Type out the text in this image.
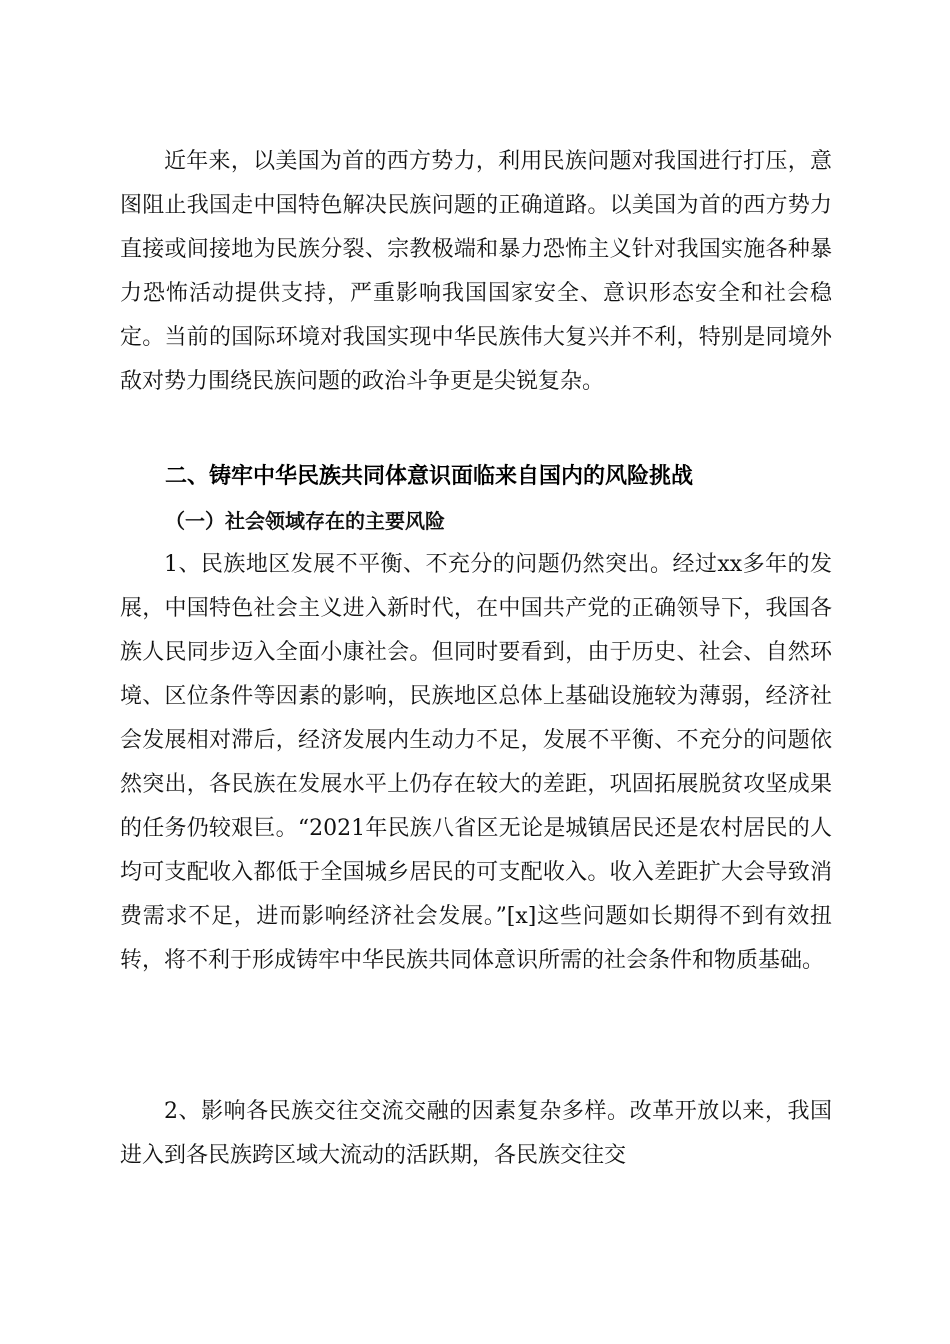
近年来，以美国为首的西方势力，利用民族问题对我国进行打压，意图阻止我国走中国特色解决民族问题的正确道路。以美国为首的西方势力直接或间接地为民族分裂、宗教极端和暴力恐怖主义针对我国实施各种暴力恐怖活动提供支持，严重影响我国国家安全、意识形态安全和社会稳定。当前的国际环境对我国实现中华民族伟大复兴并不利，特别是同境外敌对势力围绕民族问题的政治斗争更是尖锐复杂。

二、铸牢中华民族共同体意识面临来自国内的风险挑战

（一）社会领域存在的主要风险

1、民族地区发展不平衡、不充分的问题仍然突出。经过xx多年的发展，中国特色社会主义进入新时代，在中国共产党的正确领导下，我国各族人民同步迈入全面小康社会。但同时要看到，由于历史、社会、自然环境、区位条件等因素的影响，民族地区总体上基础设施较为薄弱，经济社会发展相对滞后，经济发展内生动力不足，发展不平衡、不充分的问题依然突出，各民族在发展水平上仍存在较大的差距，巩固拓展脱贫攻坚成果的任务仍较艰巨。“2021年民族八省区无论是城镇居民还是农村居民的人均可支配收入都低于全国城乡居民的可支配收入。收入差距扩大会导致消费需求不足，进而影响经济社会发展。”[x]这些问题如长期得不到有效扭转，将不利于形成铸牢中华民族共同体意识所需的社会条件和物质基础。

2、影响各民族交往交流交融的因素复杂多样。改革开放以来，我国进入到各民族跨区域大流动的活跃期，各民族交往交
